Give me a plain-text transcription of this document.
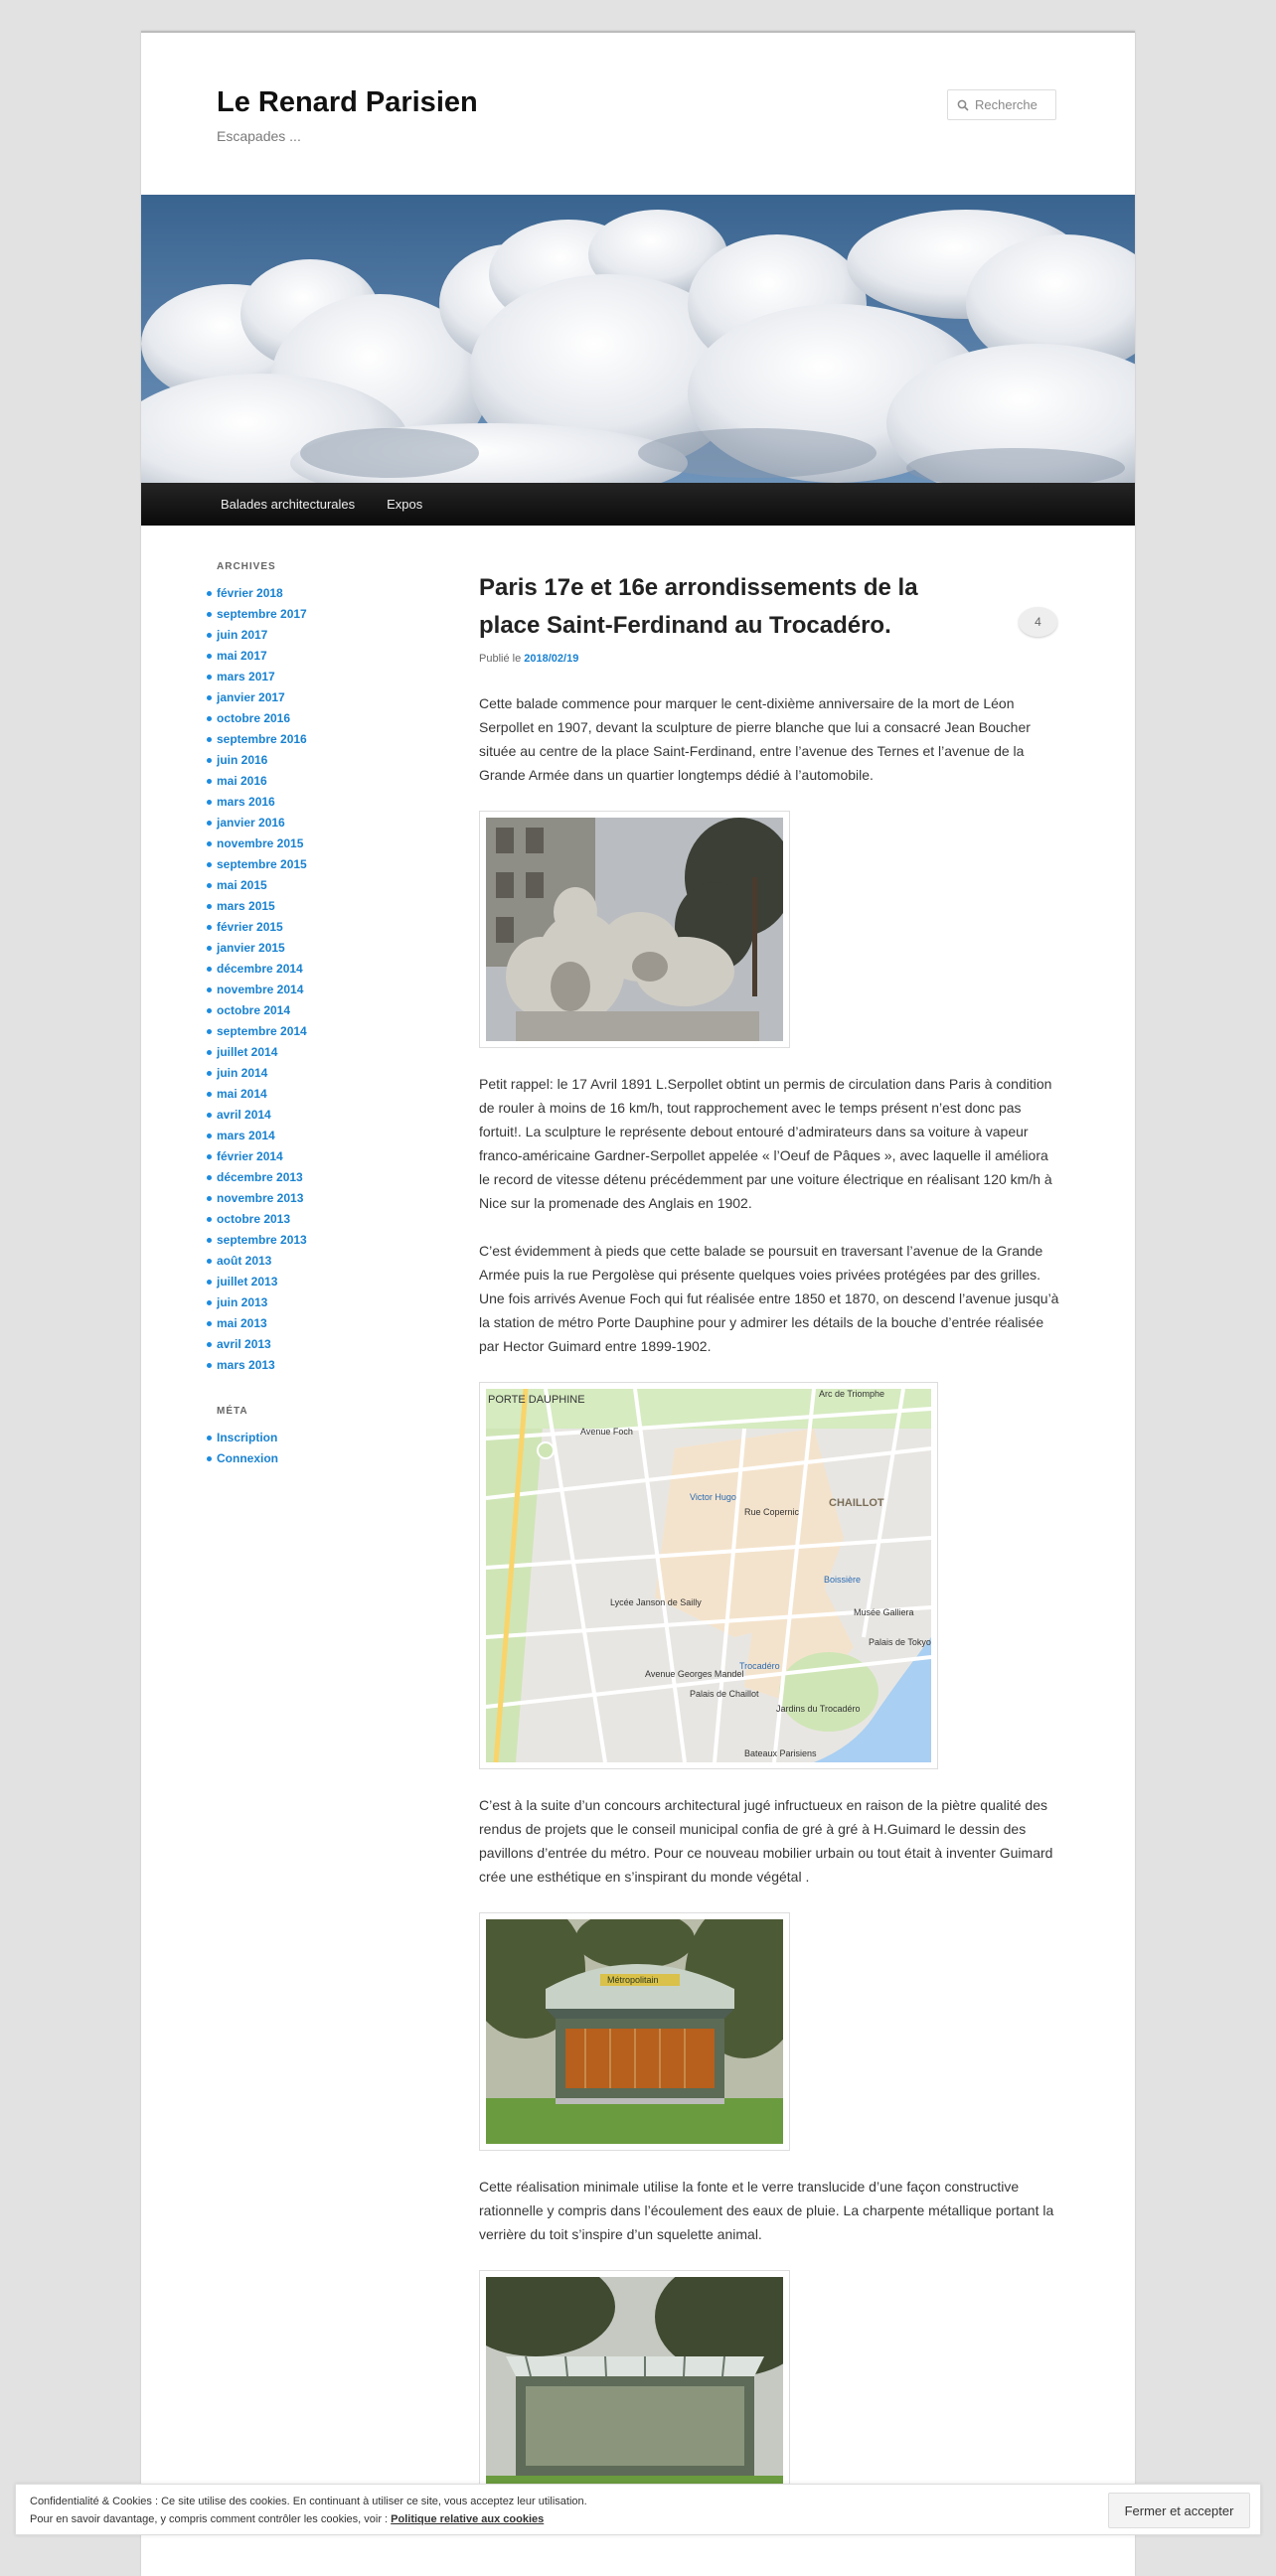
Le Renard Parisien

Escapades ...

Recherche
Balades architecturales	Expos
ARCHIVES
février 2018
septembre 2017
juin 2017
mai 2017
mars 2017
janvier 2017
octobre 2016
septembre 2016
juin 2016
mai 2016
mars 2016
janvier 2016
novembre 2015
septembre 2015
mai 2015
mars 2015
février 2015
janvier 2015
décembre 2014
novembre 2014
octobre 2014
septembre 2014
juillet 2014
juin 2014
mai 2014
avril 2014
mars 2014
février 2014
décembre 2013
novembre 2013
octobre 2013
septembre 2013
août 2013
juillet 2013
juin 2013
mai 2013
avril 2013
mars 2013
MÉTA
Inscription
Connexion
Paris 17e et 16e arrondissements de la place Saint-Ferdinand au Trocadéro.	4

Publié le 2018/02/19

Cette balade commence pour marquer le cent-dixième anniversaire de la mort de Léon Serpollet en 1907, devant la sculpture de pierre blanche que lui a consacré Jean Boucher située au centre de la place Saint-Ferdinand, entre l’avenue des Ternes et l’avenue de la Grande Armée dans un quartier longtemps dédié à l’automobile.

Petit rappel: le 17 Avril 1891 L.Serpollet obtint un permis de circulation dans Paris à condition de rouler à moins de 16 km/h, tout rapprochement avec le temps présent n’est donc pas fortuit!. La sculpture le représente debout entouré d’admirateurs dans sa voiture à vapeur franco-américaine Gardner-Serpollet appelée « l’Oeuf de Pâques », avec laquelle il améliora le record de vitesse détenu précédemment par une voiture électrique en réalisant 120 km/h à Nice sur la promenade des Anglais en 1902.

C’est évidemment à pieds que cette balade se poursuit en traversant l’avenue de la Grande Armée puis la rue Pergolèse qui présente quelques voies privées protégées par des grilles. Une fois arrivés Avenue Foch qui fut réalisée entre 1850 et 1870, on descend l’avenue jusqu’à la station de métro Porte Dauphine pour y admirer les détails de la bouche d’entrée réalisée par Hector Guimard entre 1899-1902.

PORTE DAUPHINE
CHAILLOT
Arc de Triomphe
Avenue Foch
Victor Hugo
Rue Copernic
Boissière
Lycée Janson de Sailly
Musée Galliera
Palais de Tokyo
Trocadéro
Palais de Chaillot
Jardins du Trocadéro
Bateaux Parisiens
Avenue Georges Mandel

C’est à la suite d’un concours architectural jugé infructueux en raison de la piètre qualité des rendus de projets que le conseil municipal confia de gré à gré à H.Guimard le dessin des pavillons d’entrée du métro. Pour ce nouveau mobilier urbain ou tout était à inventer Guimard crée une esthétique en s’inspirant du monde végétal .

Métropolitain

Cette réalisation minimale utilise la fonte et le verre translucide d’une façon constructive rationnelle y compris dans l’écoulement des eaux de pluie. La charpente métallique portant la verrière du toit s’inspire d’un squelette animal.

Confidentialité & Cookies : Ce site utilise des cookies. En continuant à utiliser ce site, vous acceptez leur utilisation.
Pour en savoir davantage, y compris comment contrôler les cookies, voir : Politique relative aux cookies
Fermer et accepter
